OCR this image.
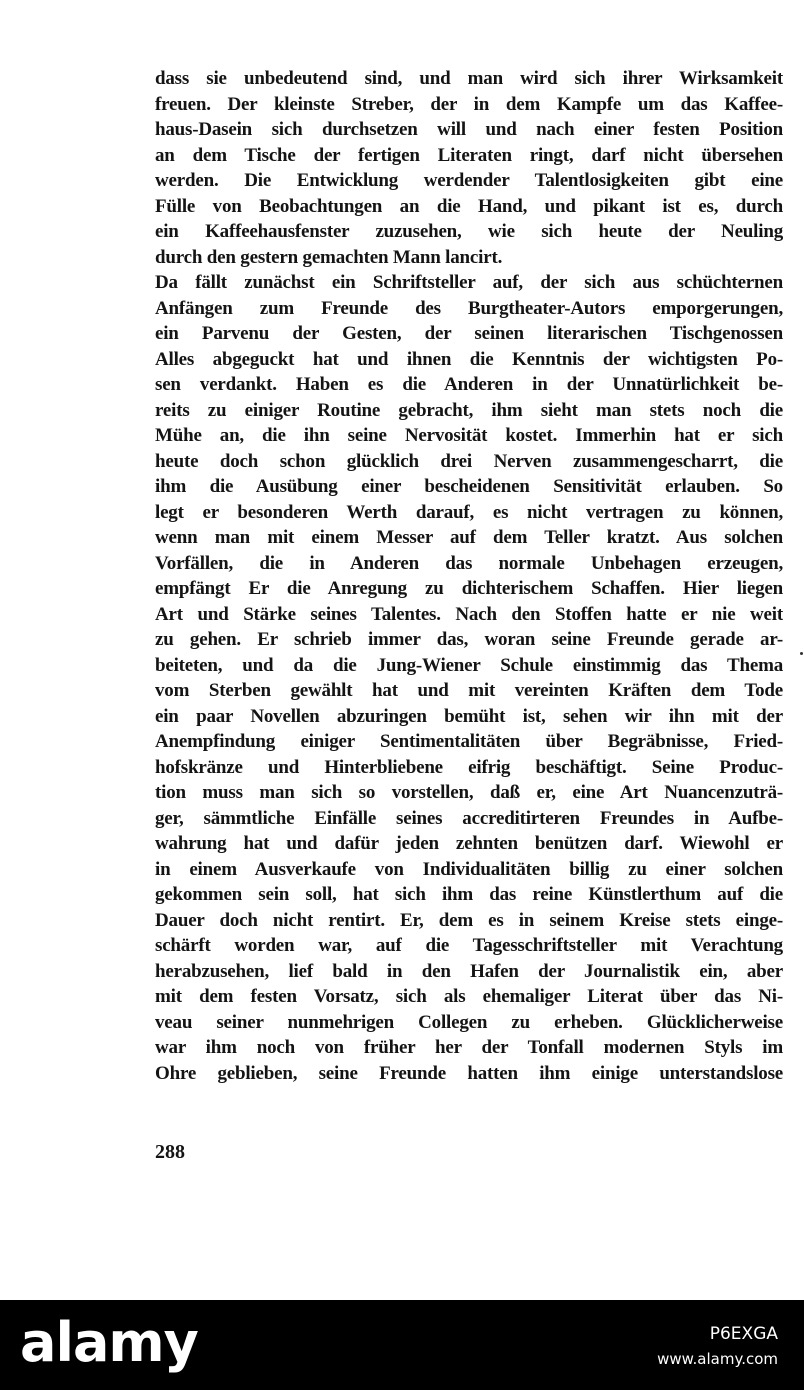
dass sie unbedeutend sind, und man wird sich ihrer Wirksamkeit
freuen. Der kleinste Streber, der in dem Kampfe um das Kaffee-
haus-Dasein sich durchsetzen will und nach einer festen Position
an dem Tische der fertigen Literaten ringt, darf nicht übersehen
werden. Die Entwicklung werdender Talentlosigkeiten gibt eine
Fülle von Beobachtungen an die Hand, und pikant ist es, durch
ein Kaffeehausfenster zuzusehen, wie sich heute der Neuling
durch den gestern gemachten Mann lancirt.
Da fällt zunächst ein Schriftsteller auf, der sich aus schüchternen
Anfängen zum Freunde des Burgtheater-Autors emporgerungen,
ein Parvenu der Gesten, der seinen literarischen Tischgenossen
Alles abgeguckt hat und ihnen die Kenntnis der wichtigsten Po-
sen verdankt. Haben es die Anderen in der Unnatürlichkeit be-
reits zu einiger Routine gebracht, ihm sieht man stets noch die
Mühe an, die ihn seine Nervosität kostet. Immerhin hat er sich
heute doch schon glücklich drei Nerven zusammengescharrt, die
ihm die Ausübung einer bescheidenen Sensitivität erlauben. So
legt er besonderen Werth darauf, es nicht vertragen zu können,
wenn man mit einem Messer auf dem Teller kratzt. Aus solchen
Vorfällen, die in Anderen das normale Unbehagen erzeugen,
empfängt Er die Anregung zu dichterischem Schaffen. Hier liegen
Art und Stärke seines Talentes. Nach den Stoffen hatte er nie weit
zu gehen. Er schrieb immer das, woran seine Freunde gerade ar-
beiteten, und da die Jung-Wiener Schule einstimmig das Thema
vom Sterben gewählt hat und mit vereinten Kräften dem Tode
ein paar Novellen abzuringen bemüht ist, sehen wir ihn mit der
Anempfindung einiger Sentimentalitäten über Begräbnisse, Fried-
hofskränze und Hinterbliebene eifrig beschäftigt. Seine Produc-
tion muss man sich so vorstellen, daß er, eine Art Nuancenzuträ-
ger, sämmtliche Einfälle seines accreditirteren Freundes in Aufbe-
wahrung hat und dafür jeden zehnten benützen darf. Wiewohl er
in einem Ausverkaufe von Individualitäten billig zu einer solchen
gekommen sein soll, hat sich ihm das reine Künstlerthum auf die
Dauer doch nicht rentirt. Er, dem es in seinem Kreise stets einge-
schärft worden war, auf die Tagesschriftsteller mit Verachtung
herabzusehen, lief bald in den Hafen der Journalistik ein, aber
mit dem festen Vorsatz, sich als ehemaliger Literat über das Ni-
veau seiner nunmehrigen Collegen zu erheben. Glücklicherweise
war ihm noch von früher her der Tonfall modernen Styls im
Ohre geblieben, seine Freunde hatten ihm einige unterstandslose
288
alamy	P6EXGA
www.alamy.com
